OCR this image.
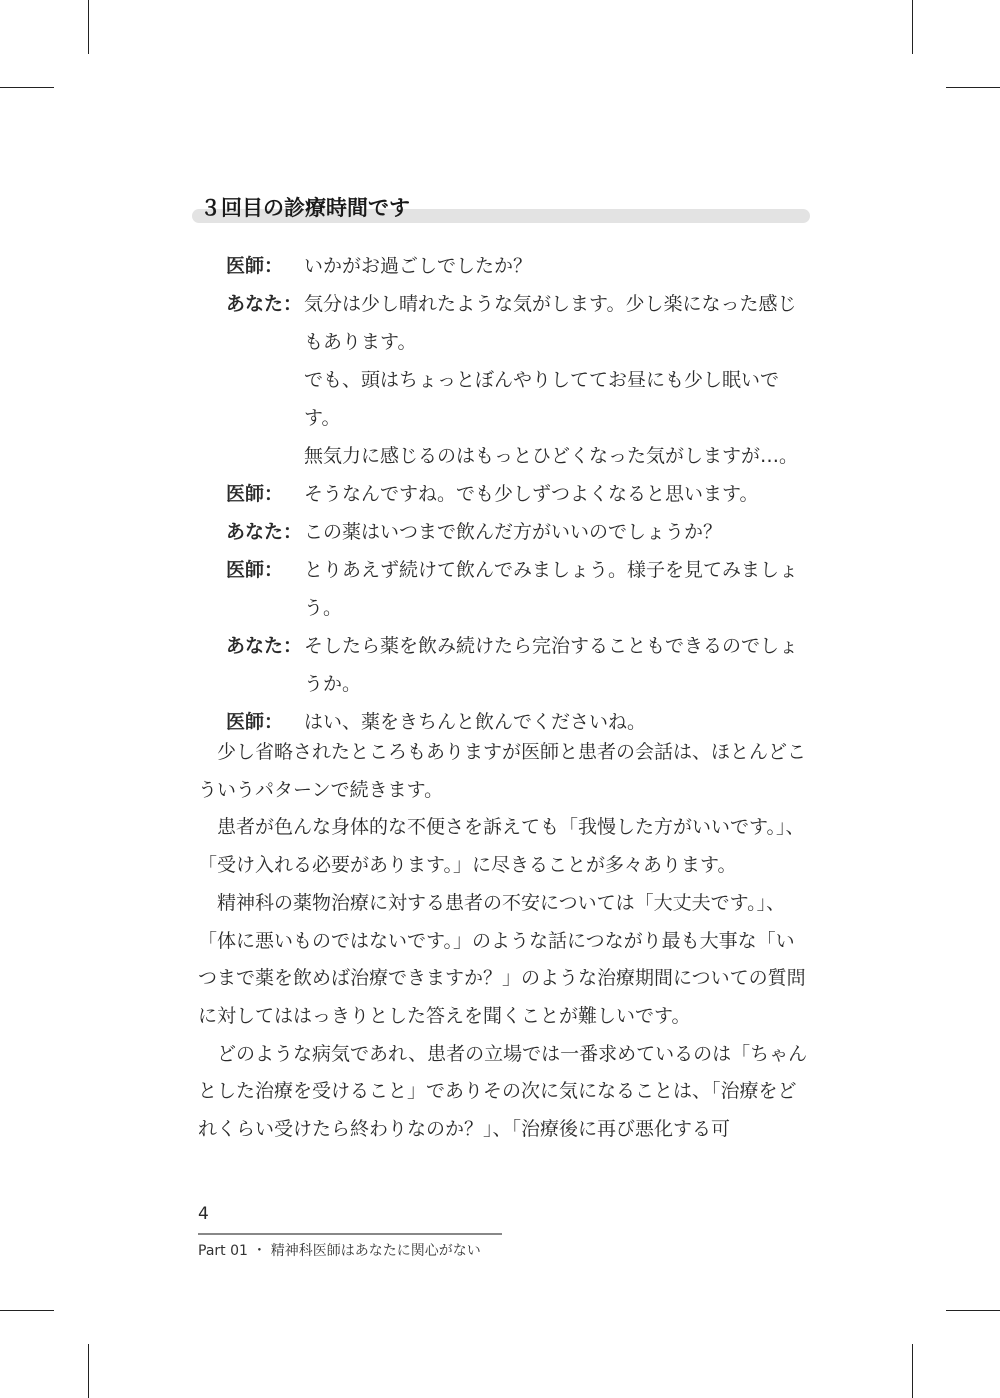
３回目の診療時間です
医師：	いかがお過ごしでしたか？

あなた： 気分は少し晴れたような気がします。少し楽になった感じもあります。

でも、頭はちょっとぼんやりしててお昼にも少し眠いです。

無気力に感じるのはもっとひどくなった気がしますが…。

医師：	そうなんですね。でも少しずつよくなると思います。

あなた： この薬はいつまで飲んだ方がいいのでしょうか？

医師：	とりあえず続けて飲んでみましょう。様子を見てみましょう。

あなた： そしたら薬を飲み続けたら完治することもできるのでしょうか。

医師：	はい、薬をきちんと飲んでくださいね。

少し省略されたところもありますが医師と患者の会話は、ほとんどこういうパターンで続きます。

患者が色んな身体的な不便さを訴えても「我慢した方がいいです。」、「受け入れる必要があります。」に尽きることが多々あります。

精神科の薬物治療に対する患者の不安については「大丈夫です。」、「体に悪いものではないです。」のような話につながり最も大事な「いつまで薬を飲めば治療できますか？」のような治療期間についての質問に対してははっきりとした答えを聞くことが難しいです。

どのような病気であれ、患者の立場では一番求めているのは「ちゃんとした治療を受けること」でありその次に気になることは、「治療をどれくらい受けたら終わりなのか？」、「治療後に再び悪化する可

4
Part 01 ・ 精神科医師はあなたに関心がない
